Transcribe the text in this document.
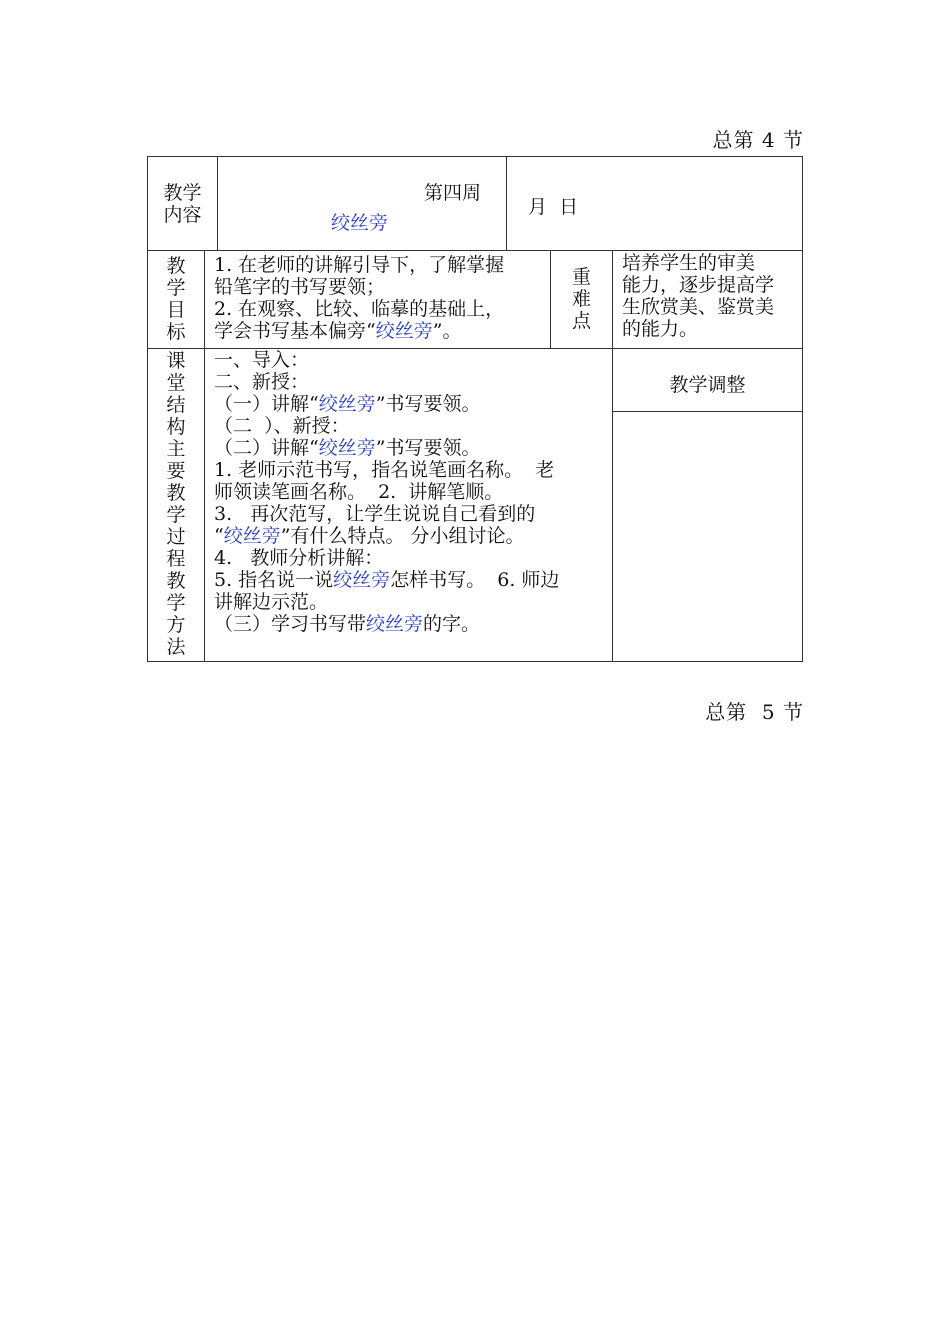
总第 4 节
教学
内容
第四周
绞丝旁
月  日
教
学
目
标
1. 在老师的讲解引导下，了解掌握
铅笔字的书写要领；
2. 在观察、比较、临摹的基础上，
学会书写基本偏旁“绞丝旁”。
重
难
点
培养学生的审美
能力，逐步提高学
生欣赏美、鉴赏美
的能力。
课
堂
结
构
主
要
教
学
过
程
教
学
方
法
一、导入：
二、新授：
（一）讲解“绞丝旁”书写要领。
（二  ）、新授：
（二）讲解“绞丝旁”书写要领。
1. 老师示范书写，指名说笔画名称。  老
师领读笔画名称。  2.  讲解笔顺。
3.   再次范写，让学生说说自己看到的
“绞丝旁”有什么特点。 分小组讨论。
4.   教师分析讲解：
5. 指名说一说绞丝旁怎样书写。  6. 师边
讲解边示范。
（三）学习书写带绞丝旁的字。
教学调整
总第  5 节
